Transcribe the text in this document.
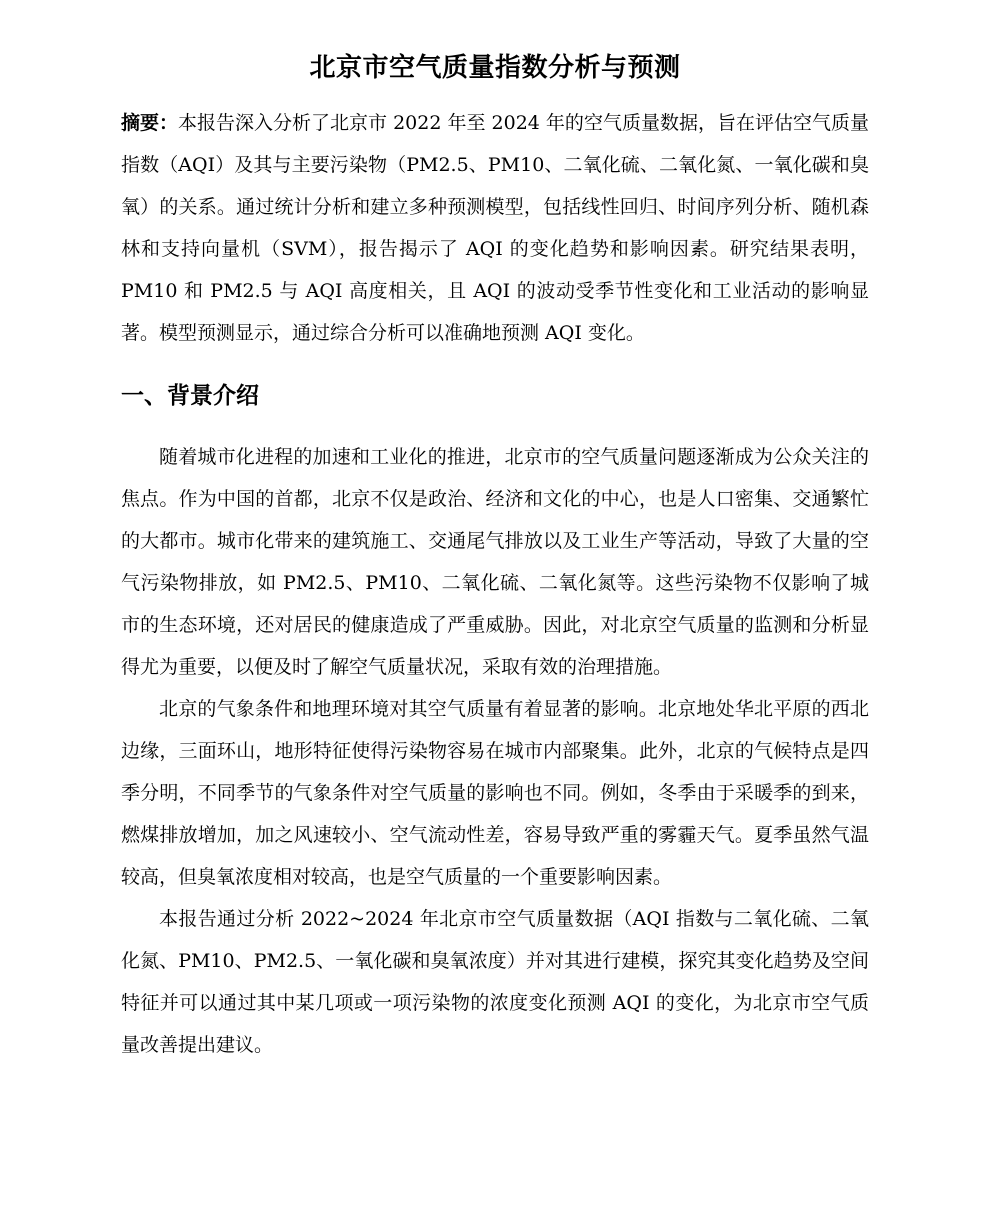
北京市空气质量指数分析与预测

摘要：本报告深入分析了北京市 2022 年至 2024 年的空气质量数据，旨在评估空气质量指数（AQI）及其与主要污染物（PM2.5、PM10、二氧化硫、二氧化氮、一氧化碳和臭氧）的关系。通过统计分析和建立多种预测模型，包括线性回归、时间序列分析、随机森林和支持向量机（SVM），报告揭示了 AQI 的变化趋势和影响因素。研究结果表明，PM10 和 PM2.5 与 AQI 高度相关，且 AQI 的波动受季节性变化和工业活动的影响显著。模型预测显示，通过综合分析可以准确地预测 AQI 变化。

一、背景介绍

随着城市化进程的加速和工业化的推进，北京市的空气质量问题逐渐成为公众关注的焦点。作为中国的首都，北京不仅是政治、经济和文化的中心，也是人口密集、交通繁忙的大都市。城市化带来的建筑施工、交通尾气排放以及工业生产等活动，导致了大量的空气污染物排放，如 PM2.5、PM10、二氧化硫、二氧化氮等。这些污染物不仅影响了城市的生态环境，还对居民的健康造成了严重威胁。因此，对北京空气质量的监测和分析显得尤为重要，以便及时了解空气质量状况，采取有效的治理措施。

北京的气象条件和地理环境对其空气质量有着显著的影响。北京地处华北平原的西北边缘，三面环山，地形特征使得污染物容易在城市内部聚集。此外，北京的气候特点是四季分明，不同季节的气象条件对空气质量的影响也不同。例如，冬季由于采暖季的到来，燃煤排放增加，加之风速较小、空气流动性差，容易导致严重的雾霾天气。夏季虽然气温较高，但臭氧浓度相对较高，也是空气质量的一个重要影响因素。

本报告通过分析 2022~2024 年北京市空气质量数据（AQI 指数与二氧化硫、二氧化氮、PM10、PM2.5、一氧化碳和臭氧浓度）并对其进行建模，探究其变化趋势及空间特征并可以通过其中某几项或一项污染物的浓度变化预测 AQI 的变化，为北京市空气质量改善提出建议。
